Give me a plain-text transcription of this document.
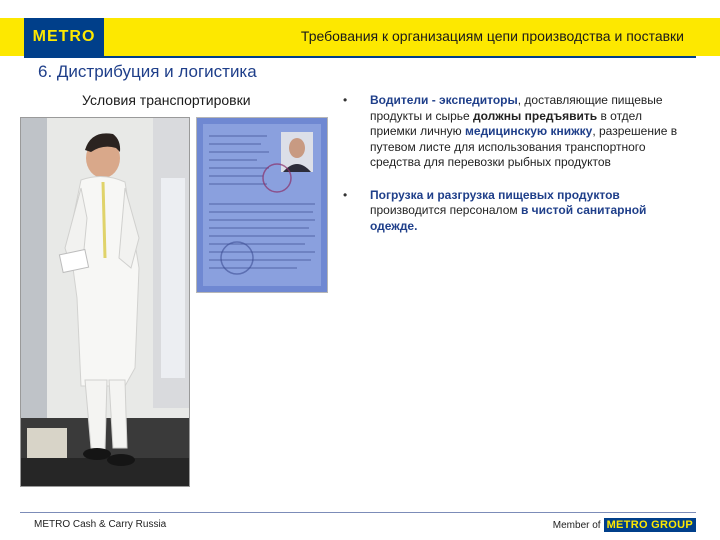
METRO	Требования к организациям цепи производства и поставки
6. Дистрибуция и логистика
Условия транспортировки	• Водители - экспедиторы, доставляющие пищевые продукты и сырье должны предъявить в отдел приемки личную медицинскую книжку, разрешение в путевом листе для использования транспортного средства для перевозки рыбных продуктов
• Погрузка и разгрузка пищевых продуктов производится персоналом в чистой санитарной одежде.
METRO Cash & Carry Russia	Member of METRO GROUP
